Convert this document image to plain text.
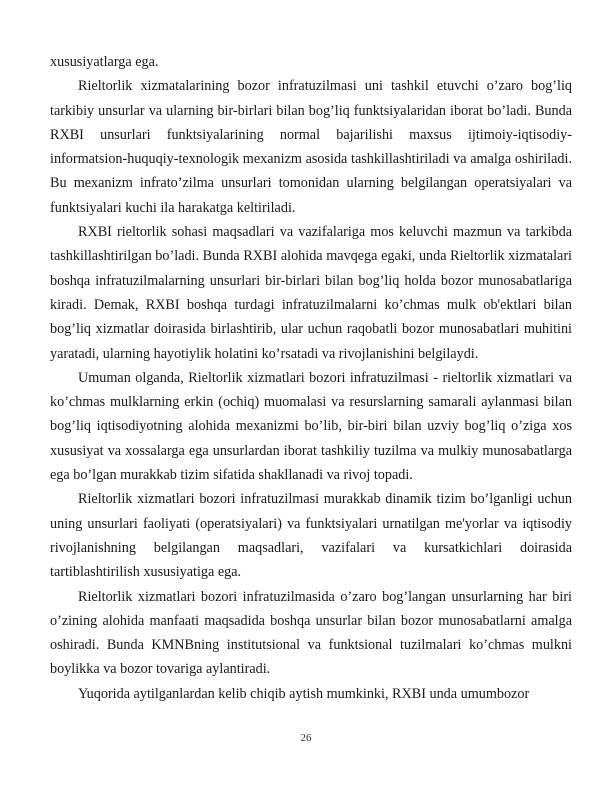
xususiyatlarga ega.

Rieltorlik xizmatalarining bozor infratuzilmasi uni tashkil etuvchi o’zaro bog’liq tarkibiy unsurlar va ularning bir-birlari bilan bog’liq funktsiyalaridan iborat bo’ladi. Bunda RXBI unsurlari funktsiyalarining normal bajarilishi maxsus ijtimoiy-iqtisodiy-informatsion-huquqiy-texnologik mexanizm asosida tashkillashtiriladi va amalga oshiriladi. Bu mexanizm infrato’zilma unsurlari tomonidan ularning belgilangan operatsiyalari va funktsiyalari kuchi ila harakatga keltiriladi.

RXBI rieltorlik sohasi maqsadlari va vazifalariga mos keluvchi mazmun va tarkibda tashkillashtirilgan bo’ladi. Bunda RXBI alohida mavqega egaki, unda Rieltorlik xizmatalari boshqa infratuzilmalarning unsurlari bir-birlari bilan bog’liq holda bozor munosabatlariga kiradi. Demak, RXBI boshqa turdagi infratuzilmalarni ko’chmas mulk ob'ektlari bilan bog’liq xizmatlar doirasida birlashtirib, ular uchun raqobatli bozor munosabatlari muhitini yaratadi, ularning hayotiylik holatini ko’rsatadi va rivojlanishini belgilaydi.

Umuman olganda, Rieltorlik xizmatlari bozori infratuzilmasi - rieltorlik xizmatlari va ko’chmas mulklarning erkin (ochiq) muomalasi va resurslarning samarali aylanmasi bilan bog’liq iqtisodiyotning alohida mexanizmi bo’lib, bir-biri bilan uzviy bog’liq o’ziga xos xususiyat va xossalarga ega unsurlardan iborat tashkiliy tuzilma va mulkiy munosabatlarga ega bo’lgan murakkab tizim sifatida shakllanadi va rivoj topadi.

Rieltorlik xizmatlari bozori infratuzilmasi murakkab dinamik tizim bo’lganligi uchun uning unsurlari faoliyati (operatsiyalari) va funktsiyalari urnatilgan me'yorlar va iqtisodiy rivojlanishning belgilangan maqsadlari, vazifalari va kursatkichlari doirasida tartiblashtirilish xususiyatiga ega.

Rieltorlik xizmatlari bozori infratuzilmasida o’zaro bog’langan unsurlarning har biri o’zining alohida manfaati maqsadida boshqa unsurlar bilan bozor munosabatlarni amalga oshiradi. Bunda KMNBning institutsional va funktsional tuzilmalari ko’chmas mulkni boylikka va bozor tovariga aylantiradi.

Yuqorida aytilganlardan kelib chiqib aytish mumkinki, RXBI unda umumbozor

26
